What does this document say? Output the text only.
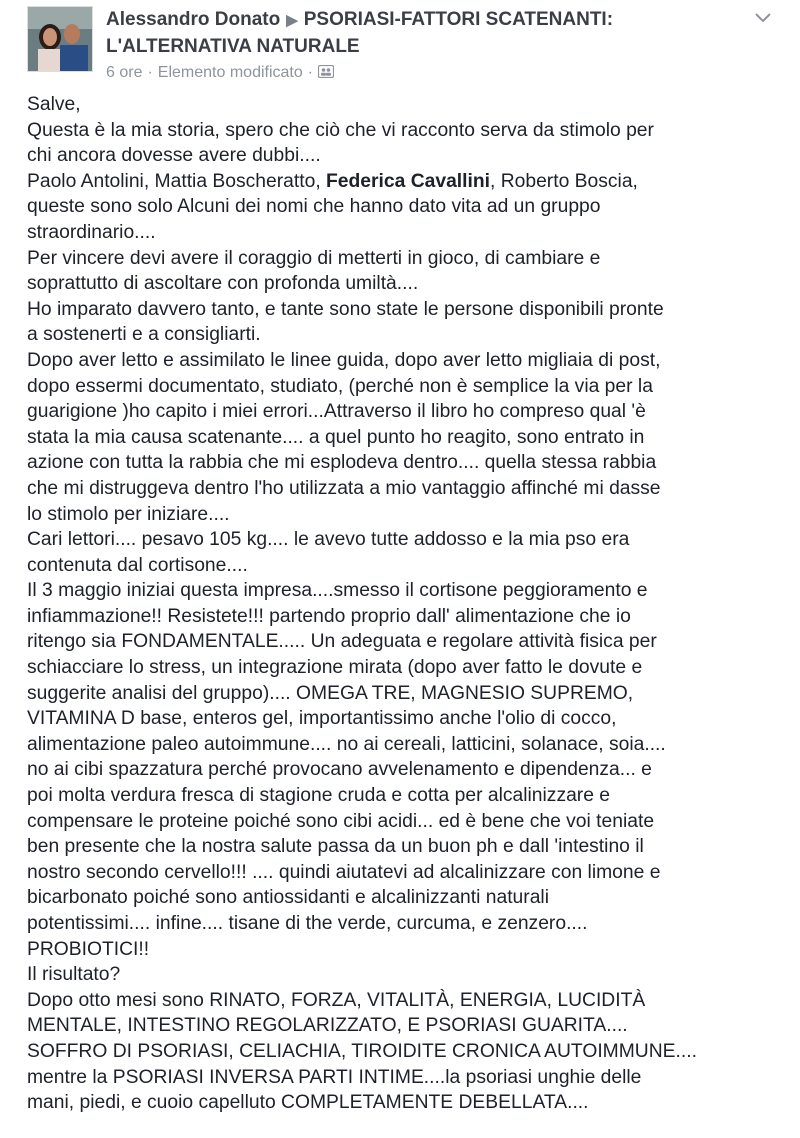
Alessandro Donato ▶ PSORIASI-FATTORI SCATENANTI:
L'ALTERNATIVA NATURALE
6 ore · Elemento modificato ·
Salve,
Questa è la mia storia, spero che ciò che vi racconto serva da stimolo per
chi ancora dovesse avere dubbi....
Paolo Antolini, Mattia Boscheratto, Federica Cavallini, Roberto Boscia,
queste sono solo Alcuni dei nomi che hanno dato vita ad un gruppo
straordinario....
Per vincere devi avere il coraggio di metterti in gioco, di cambiare e
soprattutto di ascoltare con profonda umiltà....
Ho imparato davvero tanto, e tante sono state le persone disponibili pronte
a sostenerti e a consigliarti.
Dopo aver letto e assimilato le linee guida, dopo aver letto migliaia di post,
dopo essermi documentato, studiato, (perché non è semplice la via per la
guarigione )ho capito i miei errori...Attraverso il libro ho compreso qual 'è
stata la mia causa scatenante.... a quel punto ho reagito, sono entrato in
azione con tutta la rabbia che mi esplodeva dentro.... quella stessa rabbia
che mi distruggeva dentro l'ho utilizzata a mio vantaggio affinché mi dasse
lo stimolo per iniziare....
Cari lettori.... pesavo 105 kg.... le avevo tutte addosso e la mia pso era
contenuta dal cortisone....
Il 3 maggio iniziai questa impresa....smesso il cortisone peggioramento e
infiammazione!! Resistete!!! partendo proprio dall' alimentazione che io
ritengo sia FONDAMENTALE..... Un adeguata e regolare attività fisica per
schiacciare lo stress, un integrazione mirata (dopo aver fatto le dovute e
suggerite analisi del gruppo).... OMEGA TRE, MAGNESIO SUPREMO,
VITAMINA D base, enteros gel, importantissimo anche l'olio di cocco,
alimentazione paleo autoimmune.... no ai cereali, latticini, solanace, soia....
no ai cibi spazzatura perché provocano avvelenamento e dipendenza... e
poi molta verdura fresca di stagione cruda e cotta per alcalinizzare e
compensare le proteine poiché sono cibi acidi... ed è bene che voi teniate
ben presente che la nostra salute passa da un buon ph e dall 'intestino il
nostro secondo cervello!!! .... quindi aiutatevi ad alcalinizzare con limone e
bicarbonato poiché sono antiossidanti e alcalinizzanti naturali
potentissimi.... infine.... tisane di the verde, curcuma, e zenzero....
PROBIOTICI!!
Il risultato?
Dopo otto mesi sono RINATO, FORZA, VITALITÀ, ENERGIA, LUCIDITÀ
MENTALE, INTESTINO REGOLARIZZATO, E PSORIASI GUARITA....
SOFFRO DI PSORIASI, CELIACHIA, TIROIDITE CRONICA AUTOIMMUNE....
mentre la PSORIASI INVERSA PARTI INTIME....la psoriasi unghie delle
mani, piedi, e cuoio capelluto COMPLETAMENTE DEBELLATA....
